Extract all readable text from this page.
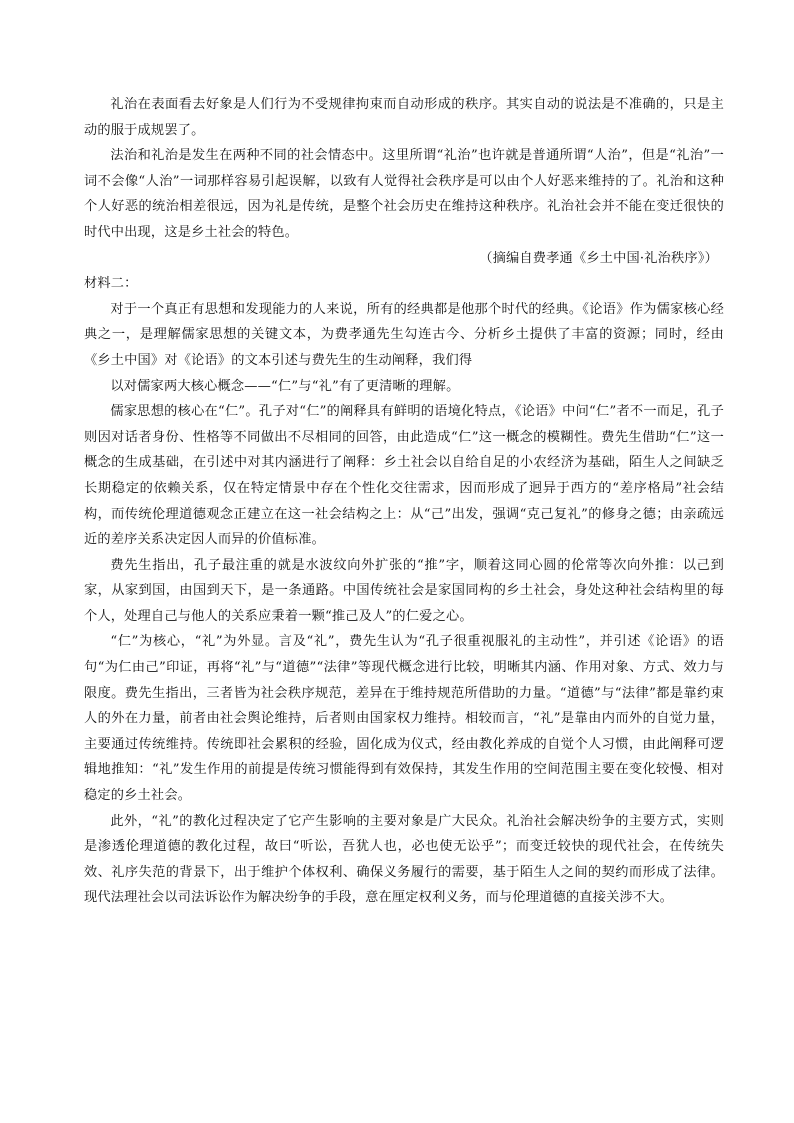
礼治在表面看去好象是人们行为不受规律拘束而自动形成的秩序。其实自动的说法是不准确的，只是主动的服于成规罢了。

法治和礼治是发生在两种不同的社会情态中。这里所谓“礼治”也许就是普通所谓“人治”，但是“礼治”一词不会像“人治”一词那样容易引起误解，以致有人觉得社会秩序是可以由个人好恶来维持的了。礼治和这种个人好恶的统治相差很远，因为礼是传统，是整个社会历史在维持这种秩序。礼治社会并不能在变迁很快的时代中出现，这是乡土社会的特色。

（摘编自费孝通《乡土中国·礼治秩序》）

材料二：

对于一个真正有思想和发现能力的人来说，所有的经典都是他那个时代的经典。《论语》作为儒家核心经典之一，是理解儒家思想的关键文本，为费孝通先生勾连古今、分析乡土提供了丰富的资源；同时，经由《乡土中国》对《论语》的文本引述与费先生的生动阐释，我们得

以对儒家两大核心概念——“仁”与“礼”有了更清晰的理解。

儒家思想的核心在“仁”。孔子对“仁”的阐释具有鲜明的语境化特点，《论语》中问“仁”者不一而足，孔子则因对话者身份、性格等不同做出不尽相同的回答，由此造成“仁”这一概念的模糊性。费先生借助“仁”这一概念的生成基础，在引述中对其内涵进行了阐释：乡土社会以自给自足的小农经济为基础，陌生人之间缺乏长期稳定的依赖关系，仅在特定情景中存在个性化交往需求，因而形成了迥异于西方的“差序格局”社会结构，而传统伦理道德观念正建立在这一社会结构之上：从“己”出发，强调“克己复礼”的修身之德；由亲疏远近的差序关系决定因人而异的价值标准。

费先生指出，孔子最注重的就是水波纹向外扩张的“推”字，顺着这同心圆的伦常等次向外推：以己到家，从家到国，由国到天下，是一条通路。中国传统社会是家国同构的乡土社会，身处这种社会结构里的每个人，处理自己与他人的关系应秉着一颗“推己及人”的仁爱之心。

“仁”为核心，“礼”为外显。言及“礼”，费先生认为“孔子很重视服礼的主动性”，并引述《论语》的语句“为仁由己”印证，再将“礼”与“道德”“法律”等现代概念进行比较，明晰其内涵、作用对象、方式、效力与限度。费先生指出，三者皆为社会秩序规范，差异在于维持规范所借助的力量。“道德”与“法律”都是靠约束人的外在力量，前者由社会舆论维持，后者则由国家权力维持。相较而言，“礼”是靠由内而外的自觉力量，主要通过传统维持。传统即社会累积的经验，固化成为仪式，经由教化养成的自觉个人习惯，由此阐释可逻辑地推知：“礼”发生作用的前提是传统习惯能得到有效保持，其发生作用的空间范围主要在变化较慢、相对稳定的乡土社会。

此外，“礼”的教化过程决定了它产生影响的主要对象是广大民众。礼治社会解决纷争的主要方式，实则是渗透伦理道德的教化过程，故曰“听讼，吾犹人也，必也使无讼乎”；而变迁较快的现代社会，在传统失效、礼序失范的背景下，出于维护个体权利、确保义务履行的需要，基于陌生人之间的契约而形成了法律。现代法理社会以司法诉讼作为解决纷争的手段，意在厘定权利义务，而与伦理道德的直接关涉不大。
